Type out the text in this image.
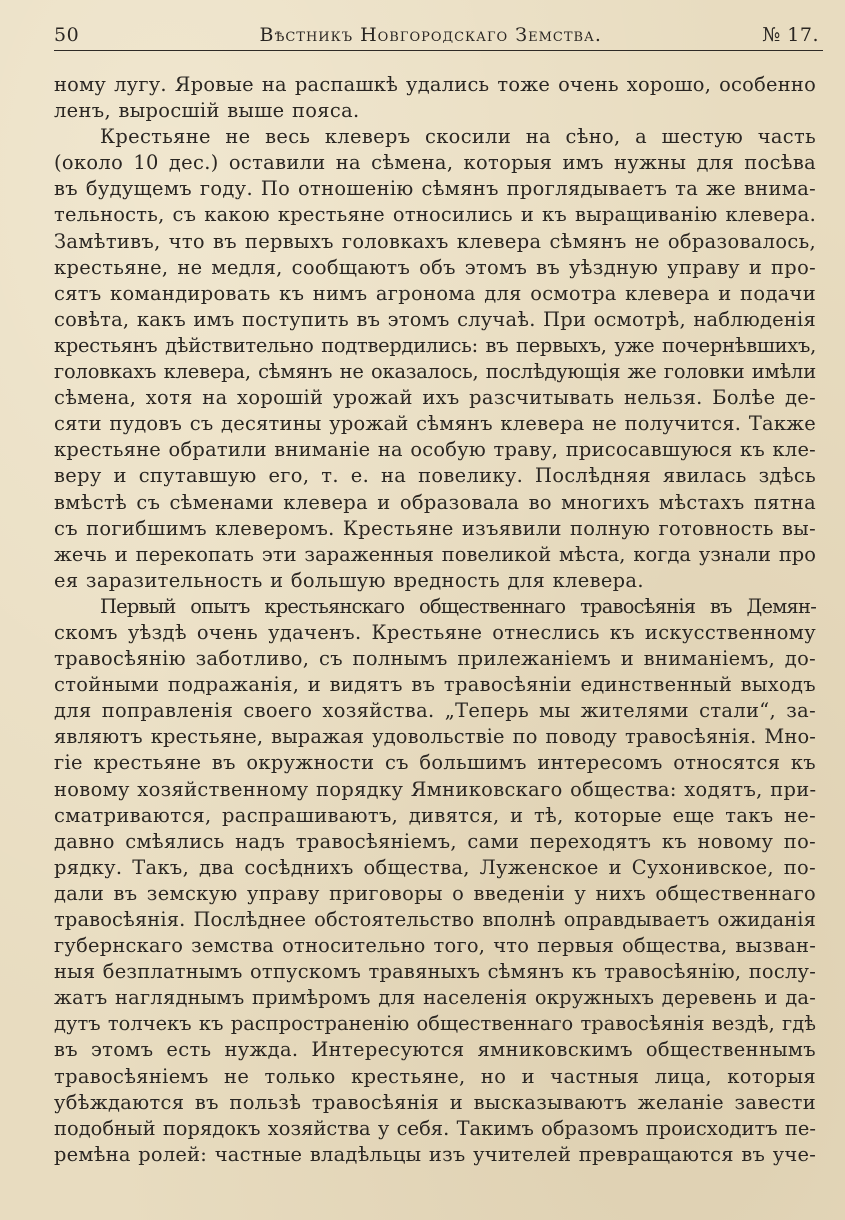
50	Вѣстникъ Новгородскаго Земства.	№ 17.
ному лугу. Яровые на распашкѣ удались тоже очень хорошо, особенно
ленъ, выросшій выше пояса.
Крестьяне не весь клеверъ скосили на сѣно, а шестую часть
(около 10 дес.) оставили на сѣмена, которыя имъ нужны для посѣва
въ будущемъ году. По отношенію сѣмянъ проглядываетъ та же внима-
тельность, съ какою крестьяне относились и къ выращиванію клевера.
Замѣтивъ, что въ первыхъ головкахъ клевера сѣмянъ не образовалось,
крестьяне, не медля, сообщаютъ объ этомъ въ уѣздную управу и про-
сятъ командировать къ нимъ агронома для осмотра клевера и подачи
совѣта, какъ имъ поступить въ этомъ случаѣ. При осмотрѣ, наблюденія
крестьянъ дѣйствительно подтвердились: въ первыхъ, уже почернѣвшихъ,
головкахъ клевера, сѣмянъ не оказалось, послѣдующія же головки имѣли
сѣмена, хотя на хорошій урожай ихъ разсчитывать нельзя. Болѣе де-
сяти пудовъ съ десятины урожай сѣмянъ клевера не получится. Также
крестьяне обратили вниманіе на особую траву, присосавшуюся къ кле-
веру и спутавшую его, т. е. на повелику. Послѣдняя явилась здѣсь
вмѣстѣ съ сѣменами клевера и образовала во многихъ мѣстахъ пятна
съ погибшимъ клеверомъ. Крестьяне изъявили полную готовность вы-
жечь и перекопать эти зараженныя повеликой мѣста, когда узнали про
ея заразительность и большую вредность для клевера.
Первый опытъ крестьянскаго общественнаго травосѣянія въ Демян-
скомъ уѣздѣ очень удаченъ. Крестьяне отнеслись къ искусственному
травосѣянію заботливо, съ полнымъ прилежаніемъ и вниманіемъ, до-
стойными подражанія, и видятъ въ травосѣяніи единственный выходъ
для поправленія своего хозяйства. „Теперь мы жителями стали“, за-
являютъ крестьяне, выражая удовольствіе по поводу травосѣянія. Мно-
гіе крестьяне въ окружности съ большимъ интересомъ относятся къ
новому хозяйственному порядку Ямниковскаго общества: ходятъ, при-
сматриваются, распрашиваютъ, дивятся, и тѣ, которые еще такъ не-
давно смѣялись надъ травосѣяніемъ, сами переходятъ къ новому по-
рядку. Такъ, два сосѣднихъ общества, Луженское и Сухонивское, по-
дали въ земскую управу приговоры о введеніи у нихъ общественнаго
травосѣянія. Послѣднее обстоятельство вполнѣ оправдываетъ ожиданія
губернскаго земства относительно того, что первыя общества, вызван-
ныя безплатнымъ отпускомъ травяныхъ сѣмянъ къ травосѣянію, послу-
жатъ нагляднымъ примѣромъ для населенія окружныхъ деревень и да-
дутъ толчекъ къ распространенію общественнаго травосѣянія вездѣ, гдѣ
въ этомъ есть нужда. Интересуются ямниковскимъ общественнымъ
травосѣяніемъ не только крестьяне, но и частныя лица, которыя
убѣждаются въ пользѣ травосѣянія и высказываютъ желаніе завести
подобный порядокъ хозяйства у себя. Такимъ образомъ происходитъ пе-
ремѣна ролей: частные владѣльцы изъ учителей превращаются въ уче-
